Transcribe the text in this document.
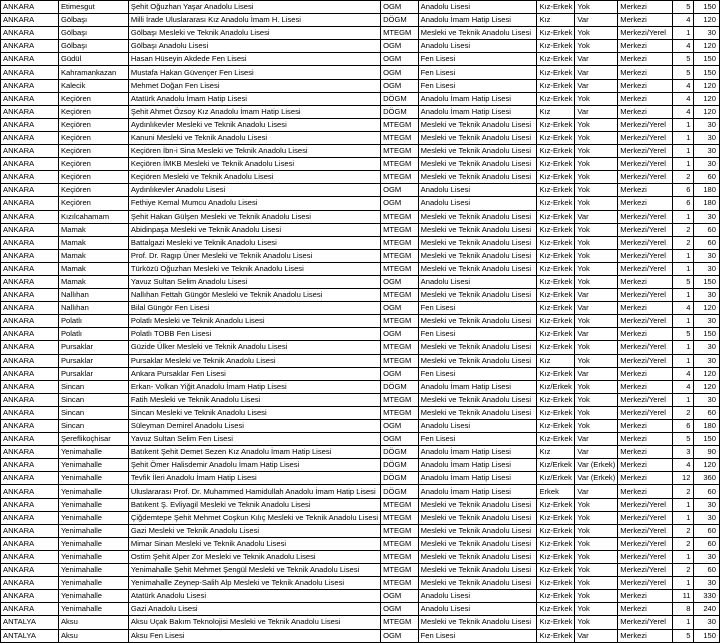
ANKARA	Etimesgut	Şehit Oğuzhan Yaşar Anadolu Lisesi	OGM	Anadolu Lisesi	Kız-Erkek	Yok	Merkezi	5	150
ANKARA	Gölbaşı	Milli İrade Uluslararası Kız Anadolu İmam H. Lisesi	DÖGM	Anadolu İmam Hatip Lisesi	Kız	Var	Merkezi	4	120
ANKARA	Gölbaşı	Gölbaşı Mesleki ve Teknik Anadolu Lisesi	MTEGM	Mesleki ve Teknik Anadolu Lisesi	Kız-Erkek	Yok	Merkezi/Yerel	1	30
ANKARA	Gölbaşı	Gölbaşı Anadolu Lisesi	OGM	Anadolu Lisesi	Kız-Erkek	Yok	Merkezi	4	120
ANKARA	Güdül	Hasan Hüseyin Akdede Fen Lisesi	OGM	Fen Lisesi	Kız-Erkek	Var	Merkezi	5	150
ANKARA	Kahramankazan	Mustafa Hakan Güvençer Fen Lisesi	OGM	Fen Lisesi	Kız-Erkek	Var	Merkezi	5	150
ANKARA	Kalecik	Mehmet Doğan Fen Lisesi	OGM	Fen Lisesi	Kız-Erkek	Var	Merkezi	4	120
ANKARA	Keçiören	Atatürk Anadolu İmam Hatip Lisesi	DÖGM	Anadolu İmam Hatip Lisesi	Kız-Erkek	Yok	Merkezi	4	120
ANKARA	Keçiören	Şehit Ahmet Özsoy Kız Anadolu İmam Hatip Lisesi	DÖGM	Anadolu İmam Hatip Lisesi	Kız	Var	Merkezi	4	120
ANKARA	Keçiören	Aydınlıkevler Mesleki ve Teknik Anadolu Lisesi	MTEGM	Mesleki ve Teknik Anadolu Lisesi	Kız-Erkek	Yok	Merkezi/Yerel	1	30
ANKARA	Keçiören	Kanuni Mesleki ve Teknik Anadolu Lisesi	MTEGM	Mesleki ve Teknik Anadolu Lisesi	Kız-Erkek	Yok	Merkezi/Yerel	1	30
ANKARA	Keçiören	Keçiören İbn-i Sina Mesleki ve Teknik Anadolu Lisesi	MTEGM	Mesleki ve Teknik Anadolu Lisesi	Kız-Erkek	Yok	Merkezi/Yerel	1	30
ANKARA	Keçiören	Keçiören İMKB Mesleki ve Teknik Anadolu Lisesi	MTEGM	Mesleki ve Teknik Anadolu Lisesi	Kız-Erkek	Yok	Merkezi/Yerel	1	30
ANKARA	Keçiören	Keçiören Mesleki ve Teknik Anadolu Lisesi	MTEGM	Mesleki ve Teknik Anadolu Lisesi	Kız-Erkek	Yok	Merkezi/Yerel	2	60
ANKARA	Keçiören	Aydınlıkevler Anadolu Lisesi	OGM	Anadolu Lisesi	Kız-Erkek	Yok	Merkezi	6	180
ANKARA	Keçiören	Fethiye Kemal Mumcu Anadolu Lisesi	OGM	Anadolu Lisesi	Kız-Erkek	Yok	Merkezi	6	180
ANKARA	Kızılcahamam	Şehit Hakan Gülşen Mesleki ve Teknik Anadolu Lisesi	MTEGM	Mesleki ve Teknik Anadolu Lisesi	Kız-Erkek	Var	Merkezi/Yerel	1	30
ANKARA	Mamak	Abidinpaşa Mesleki ve Teknik Anadolu Lisesi	MTEGM	Mesleki ve Teknik Anadolu Lisesi	Kız-Erkek	Yok	Merkezi/Yerel	2	60
ANKARA	Mamak	Battalgazi Mesleki ve Teknik Anadolu Lisesi	MTEGM	Mesleki ve Teknik Anadolu Lisesi	Kız-Erkek	Yok	Merkezi/Yerel	2	60
ANKARA	Mamak	Prof. Dr. Ragıp Üner Mesleki ve Teknik Anadolu Lisesi	MTEGM	Mesleki ve Teknik Anadolu Lisesi	Kız-Erkek	Yok	Merkezi/Yerel	1	30
ANKARA	Mamak	Türközü Oğuzhan Mesleki ve Teknik Anadolu Lisesi	MTEGM	Mesleki ve Teknik Anadolu Lisesi	Kız-Erkek	Yok	Merkezi/Yerel	1	30
ANKARA	Mamak	Yavuz Sultan Selim Anadolu Lisesi	OGM	Anadolu Lisesi	Kız-Erkek	Yok	Merkezi	5	150
ANKARA	Nallıhan	Nallıhan Fettah Güngör Mesleki ve Teknik Anadolu Lisesi	MTEGM	Mesleki ve Teknik Anadolu Lisesi	Kız-Erkek	Var	Merkezi/Yerel	1	30
ANKARA	Nallıhan	Bilal Güngör Fen Lisesi	OGM	Fen Lisesi	Kız-Erkek	Var	Merkezi	4	120
ANKARA	Polatlı	Polatlı Mesleki ve Teknik Anadolu Lisesi	MTEGM	Mesleki ve Teknik Anadolu Lisesi	Kız-Erkek	Yok	Merkezi/Yerel	1	30
ANKARA	Polatlı	Polatlı TOBB Fen Lisesi	OGM	Fen Lisesi	Kız-Erkek	Var	Merkezi	5	150
ANKARA	Pursaklar	Güzide Ülker Mesleki ve Teknik Anadolu Lisesi	MTEGM	Mesleki ve Teknik Anadolu Lisesi	Kız-Erkek	Yok	Merkezi/Yerel	1	30
ANKARA	Pursaklar	Pursaklar Mesleki ve Teknik Anadolu Lisesi	MTEGM	Mesleki ve Teknik Anadolu Lisesi	Kız	Yok	Merkezi/Yerel	1	30
ANKARA	Pursaklar	Ankara Pursaklar Fen Lisesi	OGM	Fen Lisesi	Kız-Erkek	Var	Merkezi	4	120
ANKARA	Sincan	Erkan- Volkan Yiğit Anadolu İmam Hatip Lisesi	DÖGM	Anadolu İmam Hatip Lisesi	Kız/Erkek	Yok	Merkezi	4	120
ANKARA	Sincan	Fatih Mesleki ve Teknik Anadolu Lisesi	MTEGM	Mesleki ve Teknik Anadolu Lisesi	Kız-Erkek	Yok	Merkezi/Yerel	1	30
ANKARA	Sincan	Sincan Mesleki ve Teknik Anadolu Lisesi	MTEGM	Mesleki ve Teknik Anadolu Lisesi	Kız-Erkek	Yok	Merkezi/Yerel	2	60
ANKARA	Sincan	Süleyman Demirel Anadolu Lisesi	OGM	Anadolu Lisesi	Kız-Erkek	Yok	Merkezi	6	180
ANKARA	Şereflikoçhisar	Yavuz Sultan Selim Fen Lisesi	OGM	Fen Lisesi	Kız-Erkek	Var	Merkezi	5	150
ANKARA	Yenimahalle	Batıkent Şehit Demet Sezen Kız Anadolu İmam Hatip Lisesi	DÖGM	Anadolu İmam Hatip Lisesi	Kız	Var	Merkezi	3	90
ANKARA	Yenimahalle	Şehit Ömer Halisdemir Anadolu İmam Hatip Lisesi	DÖGM	Anadolu İmam Hatip Lisesi	Kız/Erkek	Var (Erkek)	Merkezi	4	120
ANKARA	Yenimahalle	Tevfik İleri Anadolu İmam Hatip Lisesi	DÖGM	Anadolu İmam Hatip Lisesi	Kız/Erkek	Var (Erkek)	Merkezi	12	360
ANKARA	Yenimahalle	Uluslararası Prof. Dr. Muhammed Hamidullah Anadolu İmam Hatip Lisesi	DÖGM	Anadolu İmam Hatip Lisesi	Erkek	Var	Merkezi	2	60
ANKARA	Yenimahalle	Batıkent Ş. Evliyagil Mesleki ve Teknik Anadolu Lisesi	MTEGM	Mesleki ve Teknik Anadolu Lisesi	Kız-Erkek	Yok	Merkezi/Yerel	1	30
ANKARA	Yenimahalle	Çiğdemtepe Şehit Mehmet Coşkun Kılıç Mesleki ve Teknik Anadolu Lisesi	MTEGM	Mesleki ve Teknik Anadolu Lisesi	Kız-Erkek	Yok	Merkezi/Yerel	1	30
ANKARA	Yenimahalle	Gazi Mesleki ve Teknik Anadolu Lisesi	MTEGM	Mesleki ve Teknik Anadolu Lisesi	Kız-Erkek	Yok	Merkezi/Yerel	2	60
ANKARA	Yenimahalle	Mimar Sinan Mesleki ve Teknik Anadolu Lisesi	MTEGM	Mesleki ve Teknik Anadolu Lisesi	Kız-Erkek	Yok	Merkezi/Yerel	2	60
ANKARA	Yenimahalle	Ostim Şehit Alper Zor Mesleki ve Teknik Anadolu Lisesi	MTEGM	Mesleki ve Teknik Anadolu Lisesi	Kız-Erkek	Yok	Merkezi/Yerel	1	30
ANKARA	Yenimahalle	Yenimahalle Şehit Mehmet Şengül Mesleki ve Teknik Anadolu Lisesi	MTEGM	Mesleki ve Teknik Anadolu Lisesi	Kız-Erkek	Yok	Merkezi/Yerel	2	60
ANKARA	Yenimahalle	Yenimahalle Zeynep-Salih Alp Mesleki ve Teknik Anadolu Lisesi	MTEGM	Mesleki ve Teknik Anadolu Lisesi	Kız-Erkek	Yok	Merkezi/Yerel	1	30
ANKARA	Yenimahalle	Atatürk Anadolu Lisesi	OGM	Anadolu Lisesi	Kız-Erkek	Yok	Merkezi	11	330
ANKARA	Yenimahalle	Gazi Anadolu Lisesi	OGM	Anadolu Lisesi	Kız-Erkek	Yok	Merkezi	8	240
ANTALYA	Aksu	Aksu Uçak Bakım Teknolojisi Mesleki ve Teknik Anadolu Lisesi	MTEGM	Mesleki ve Teknik Anadolu Lisesi	Kız-Erkek	Yok	Merkezi/Yerel	1	30
ANTALYA	Aksu	Aksu Fen Lisesi	OGM	Fen Lisesi	Kız-Erkek	Var	Merkezi	5	150
